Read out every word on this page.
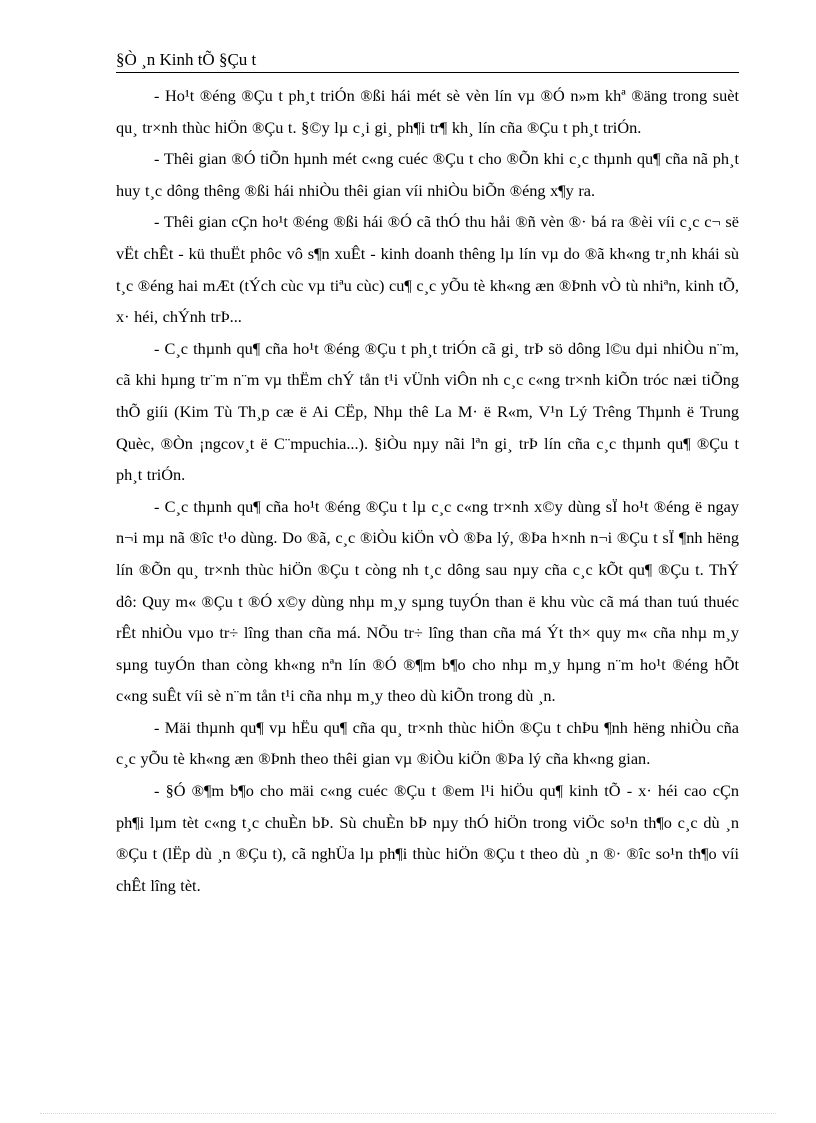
§Ò ¸n Kinh tÕ §Çu t

- Ho¹t ®éng ®Çu t ph¸t triÓn ®ßi hái mét sè vèn lín vµ ®Ó n»m khª ®äng trong suèt qu¸ tr×nh thùc hiÖn ®Çu t. §©y lµ c¸i gi¸ ph¶i tr¶ kh¸ lín cña ®Çu t ph¸t triÓn.

- Thêi gian ®Ó tiÕn hµnh mét c«ng cuéc ®Çu t cho ®Õn khi c¸c thµnh qu¶ cña nã ph¸t huy t¸c dông thêng ®ßi hái nhiÒu thêi gian víi nhiÒu biÕn ®éng x¶y ra.

- Thêi gian cÇn ho¹t ®éng ®ßi hái ®Ó cã thÓ thu håi ®ñ vèn ®· bá ra ®èi víi c¸c c¬ së vËt chÊt - kü thuËt phôc vô s¶n xuÊt - kinh doanh thêng lµ lín vµ do ®ã kh«ng tr¸nh khái sù t¸c ®éng hai mÆt (tÝch cùc vµ tiªu cùc) cu¶ c¸c yÕu tè kh«ng æn ®Þnh vÒ tù nhiªn, kinh tÕ, x· héi, chÝnh trÞ...

- C¸c thµnh qu¶ cña ho¹t ®éng ®Çu t ph¸t triÓn cã gi¸ trÞ sö dông l©u dµi nhiÒu n¨m, cã khi hµng tr¨m n¨m vµ thËm chÝ tån t¹i vÜnh viÔn nh c¸c c«ng tr×nh kiÕn tróc næi tiÕng thÕ giíi (Kim Tù Th¸p cæ ë Ai CËp, Nhµ thê La M· ë R«m, V¹n Lý Trêng Thµnh ë Trung Quèc, ®Òn ¡ngcov¸t ë C¨mpuchia...). §iÒu nµy nãi lªn gi¸ trÞ lín cña c¸c thµnh qu¶ ®Çu t ph¸t triÓn.

- C¸c thµnh qu¶ cña ho¹t ®éng ®Çu t lµ c¸c c«ng tr×nh x©y dùng sÏ ho¹t ®éng ë ngay n¬i mµ nã ®îc t¹o dùng. Do ®ã, c¸c ®iÒu kiÖn vÒ ®Þa lý, ®Þa h×nh n¬i ®Çu t sÏ ¶nh hëng lín ®Õn qu¸ tr×nh thùc hiÖn ®Çu t còng nh t¸c dông sau nµy cña c¸c kÕt qu¶ ®Çu t. ThÝ dô: Quy m« ®Çu t ®Ó x©y dùng nhµ m¸y sµng tuyÓn than ë khu vùc cã má than tuú thuéc rÊt nhiÒu vµo tr÷ lîng than cña má. NÕu tr÷ lîng than cña má Ýt th× quy m« cña nhµ m¸y sµng tuyÓn than còng kh«ng nªn lín ®Ó ®¶m b¶o cho nhµ m¸y hµng n¨m ho¹t ®éng hÕt c«ng suÊt víi sè n¨m tån t¹i cña nhµ m¸y theo dù kiÕn trong dù ¸n.

- Mäi thµnh qu¶ vµ hËu qu¶ cña qu¸ tr×nh thùc hiÖn ®Çu t chÞu ¶nh hëng nhiÒu cña c¸c yÕu tè kh«ng æn ®Þnh theo thêi gian vµ ®iÒu kiÖn ®Þa lý cña kh«ng gian.

- §Ó ®¶m b¶o cho mäi c«ng cuéc ®Çu t ®em l¹i hiÖu qu¶ kinh tÕ - x· héi cao cÇn ph¶i lµm tèt c«ng t¸c chuÈn bÞ. Sù chuÈn bÞ nµy thÓ hiÖn trong viÖc so¹n th¶o c¸c dù ¸n ®Çu t (lËp dù ¸n ®Çu t), cã nghÜa lµ ph¶i thùc hiÖn ®Çu t theo dù ¸n ®· ®îc so¹n th¶o víi chÊt lîng tèt.
